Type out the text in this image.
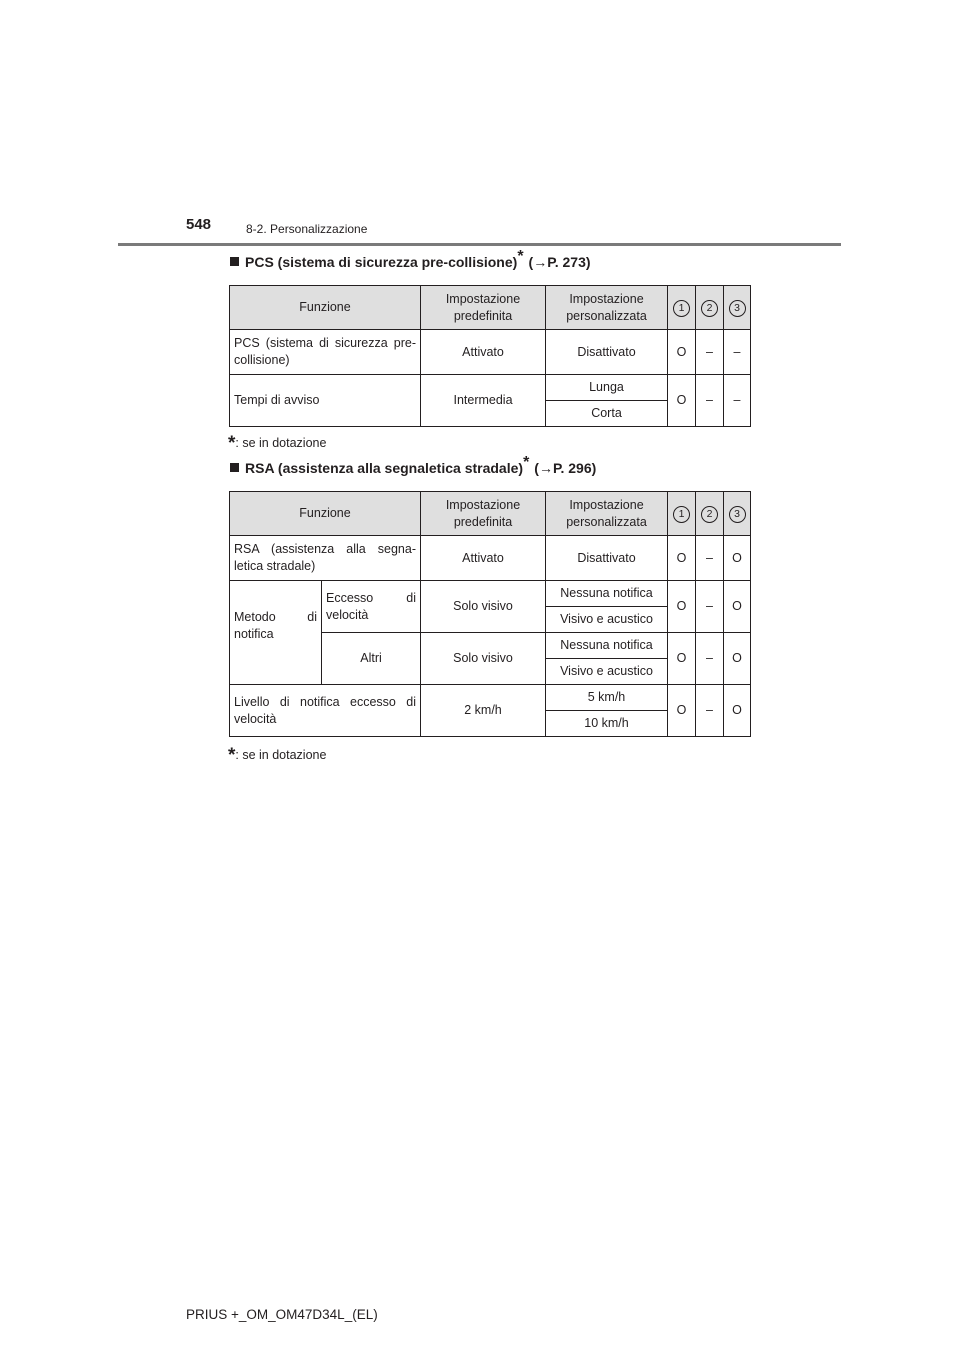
548	8-2. Personalizzazione
PCS (sistema di sicurezza pre-collisione)* (→P. 273)
Funzione	Impostazione predefinita	Impostazione personalizzata	1	2	3
PCS (sistema di sicurezza pre-collisione)	Attivato	Disattivato	O	–	–
Tempi di avviso	Intermedia	Lunga	O	–	–
		Corta			
*: se in dotazione
RSA (assistenza alla segnaletica stradale)* (→P. 296)
Funzione		Impostazione predefinita	Impostazione personalizzata	1	2	3
RSA (assistenza alla segna-letica stradale)		Attivato	Disattivato	O	–	O
Metodo di notifica	Eccesso di velocità	Solo visivo	Nessuna notifica	O	–	O
			Visivo e acustico			
	Altri	Solo visivo	Nessuna notifica	O	–	O
			Visivo e acustico			
Livello di notifica eccesso di velocità		2 km/h	5 km/h	O	–	O
			10 km/h			
*: se in dotazione
PRIUS +_OM_OM47D34L_(EL)
